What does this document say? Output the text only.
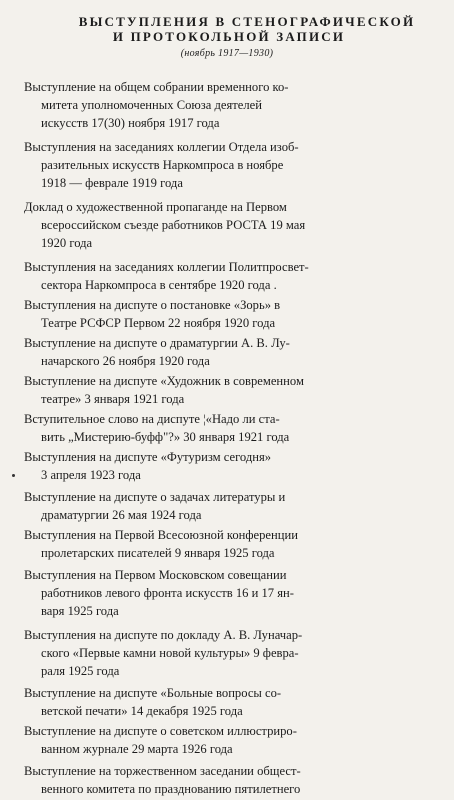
ВЫСТУПЛЕНИЯ В СТЕНОГРАФИЧЕСКОЙ
И ПРОТОКОЛЬНОЙ ЗАПИСИ
(ноябрь 1917—1930)
Выступление на общем собрании временного ко-
митета уполномоченных Союза деятелей
искусств 17(30) ноября 1917 года
Выступления на заседаниях коллегии Отдела изоб-
разительных искусств Наркомпроса в ноябре
1918 — феврале 1919 года
Доклад о художественной пропаганде на Первом
всероссийском съезде работников РОСТА 19 мая
1920 года
Выступления на заседаниях коллегии Политпросвет-
сектора Наркомпроса в сентябре 1920 года .
Выступления на диспуте о постановке «Зорь» в
Театре РСФСР Первом 22 ноября 1920 года
Выступление на диспуте о драматургии А. В. Лу-
начарского 26 ноября 1920 года
Выступление на диспуте «Художник в современном
театре» 3 января 1921 года
Вступительное слово на диспуте ¦«Надо ли ста-
вить „Мистерию-буфф"?» 30 января 1921 года
Выступления на диспуте «Футуризм сегодня»
3 апреля 1923 года
Выступление на диспуте о задачах литературы и
драматургии 26 мая 1924 года
Выступления на Первой Всесоюзной конференции
пролетарских писателей 9 января 1925 года
Выступления на Первом Московском совещании
работников левого фронта искусств 16 и 17 ян-
варя 1925 года
Выступления на диспуте по докладу А. В. Луначар-
ского «Первые камни новой культуры» 9 февра-
раля 1925 года
Выступление на диспуте «Больные вопросы со-
ветской печати» 14 декабря 1925 года
Выступление на диспуте о советском иллюстриро-
ванном журнале 29 марта 1926 года
Выступление на торжественном заседании общест-
венного комитета по празднованию пятилетнего
